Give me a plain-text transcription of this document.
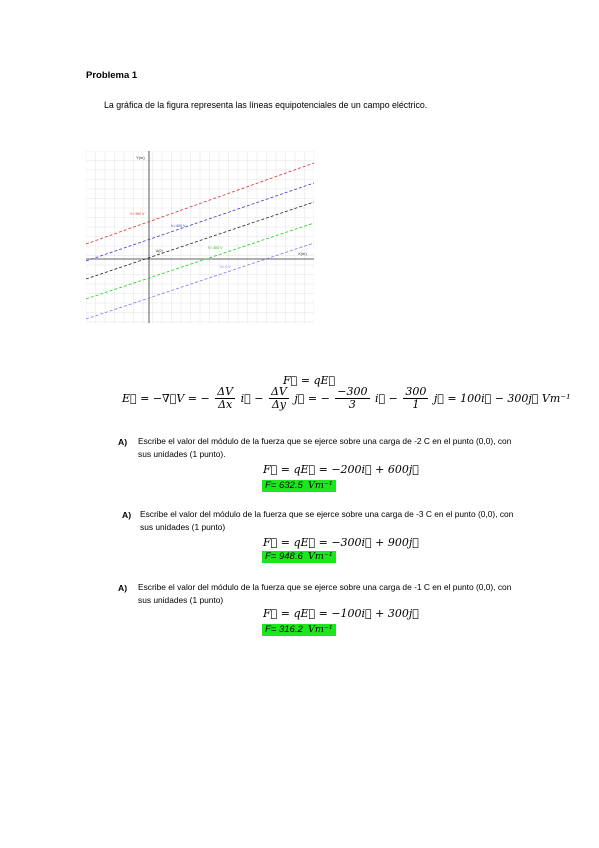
Problema 1
La gráfica de la figura representa las líneas equipotenciales de un campo eléctrico.
Y(m)
X(m)
A(0)
V= 900 V
V= 600 V
V= 300 V
V= 0 V
F⃗ = qE⃗
E⃗ = −∇⃗V = − $\frac{\Delta V}{\Delta x}$ i⃗ − $\frac{\Delta V}{\Delta y}$ j⃗ = − $\frac{-300}{3}$ i⃗ − $\frac{300}{1}$ j⃗ = 100i⃗ − 300j⃗ Vm⁻¹
A) Escribe el valor del módulo de la fuerza que se ejerce sobre una carga de -2 C en el punto (0,0), con sus unidades (1 punto).
F⃗ = qE⃗ = −200i⃗ + 600j⃗
F= 632.5 Vm⁻¹
A) Escribe el valor del módulo de la fuerza que se ejerce sobre una carga de -3 C en el punto (0,0), con sus unidades (1 punto)
F⃗ = qE⃗ = −300i⃗ + 900j⃗
F= 948.6 Vm⁻¹
A) Escribe el valor del módulo de la fuerza que se ejerce sobre una carga de -1 C en el punto (0,0), con sus unidades (1 punto)
F⃗ = qE⃗ = −100i⃗ + 300j⃗
F= 316.2 Vm⁻¹
